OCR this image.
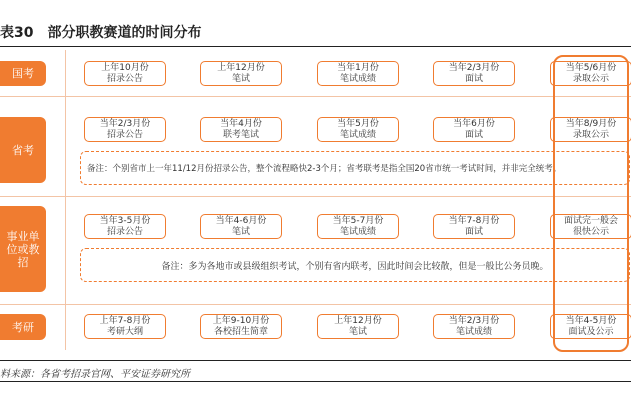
表30 部分职教赛道的时间分布
国考	上年10月份
招录公告
上年12月份
笔试
当年1月份
笔试成绩
当年2/3月份
面试
当年5/6月份
录取公示
省考
当年2/3月份
招录公告
当年4月份
联考笔试
当年5月份
笔试成绩
当年6月份
面试
当年8/9月份
录取公示
备注：个别省市上一年11/12月份招录公告，整个流程略快2-3个月；省考联考是指全国20省市统一考试时间，并非完全统考。
事业单
位或教
招
当年3-5月份
招录公告
当年4-6月份
笔试
当年5-7月份
笔试成绩
当年7-8月份
面试
面试完一般会
很快公示
备注：多为各地市或县级组织考试，个别有省内联考，因此时间会比较散，但是一般比公务员晚。
考研	上年7-8月份
考研大纲
上年9-10月份
各校招生简章
上年12月份
笔试
当年2/3月份
笔试成绩
当年4-5月份
面试及公示
料来源：各省考招录官网、平安证券研究所
